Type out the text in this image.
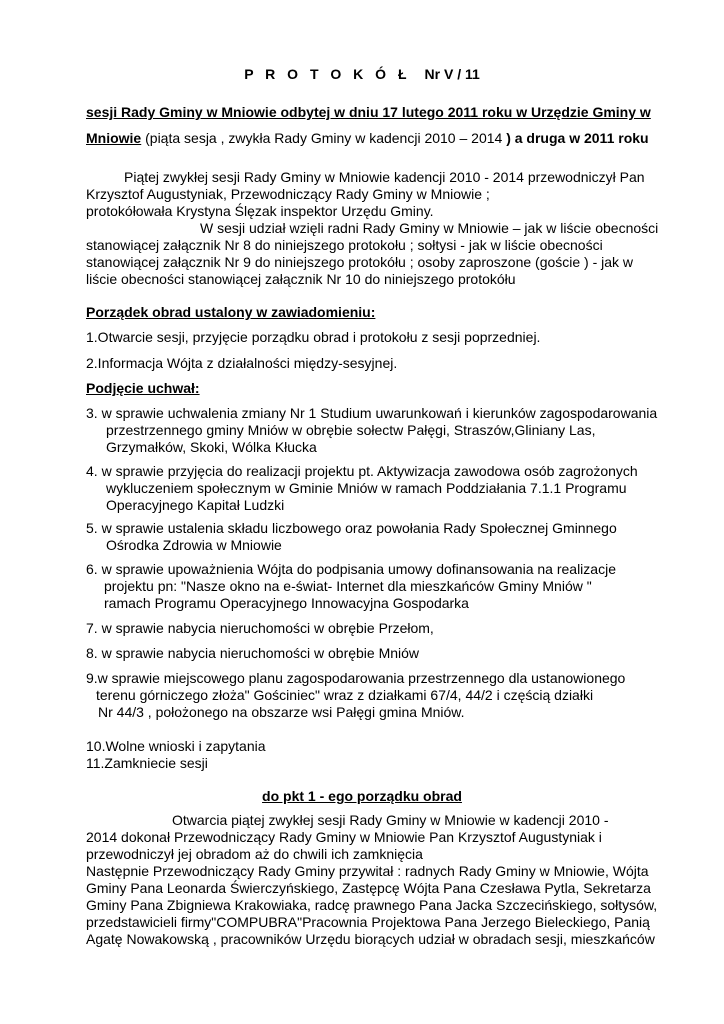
P R O T O K Ó Ł Nr V / 11
sesji Rady Gminy w Mniowie odbytej w dniu 17 lutego 2011 roku w Urzędzie Gminy w
Mniowie (piąta sesja , zwykła Rady Gminy w kadencji 2010 – 2014 ) a druga w 2011 roku
Piątej zwykłej sesji Rady Gminy w Mniowie kadencji 2010 - 2014 przewodniczył Pan
Krzysztof Augustyniak, Przewodniczący Rady Gminy w Mniowie ;
protokółowała Krystyna Ślęzak inspektor Urzędu Gminy.
W sesji udział wzięli radni Rady Gminy w Mniowie – jak w liście obecności
stanowiącej załącznik Nr 8 do niniejszego protokołu ; sołtysi - jak w liście obecności
stanowiącej załącznik Nr 9 do niniejszego protokółu ; osoby zaproszone (goście ) - jak w
liście obecności stanowiącej załącznik Nr 10 do niniejszego protokółu
Porządek obrad ustalony w zawiadomieniu:
1.Otwarcie sesji, przyjęcie porządku obrad i protokołu z sesji poprzedniej.
2.Informacja Wójta z działalności między-sesyjnej.
Podjęcie uchwał:
3. w sprawie uchwalenia zmiany Nr 1 Studium uwarunkowań i kierunków zagospodarowania
przestrzennego gminy Mniów w obrębie sołectw Pałęgi, Straszów,Gliniany Las,
Grzymałków, Skoki, Wólka Kłucka
4. w sprawie przyjęcia do realizacji projektu pt. Aktywizacja zawodowa osób zagrożonych
wykluczeniem społecznym w Gminie Mniów w ramach Poddziałania 7.1.1 Programu
Operacyjnego Kapitał Ludzki
5. w sprawie ustalenia składu liczbowego oraz powołania Rady Społecznej Gminnego
Ośrodka Zdrowia w Mniowie
6. w sprawie upoważnienia Wójta do podpisania umowy dofinansowania na realizacje
projektu pn: "Nasze okno na e-świat- Internet dla mieszkańców Gminy Mniów "
ramach Programu Operacyjnego Innowacyjna Gospodarka
7. w sprawie nabycia nieruchomości w obrębie Przełom,
8. w sprawie nabycia nieruchomości w obrębie Mniów
9.w sprawie miejscowego planu zagospodarowania przestrzennego dla ustanowionego
terenu górniczego złoża" Gościniec" wraz z działkami 67/4, 44/2 i częścią działki
Nr 44/3 , położonego na obszarze wsi Pałęgi gmina Mniów.
10.Wolne wnioski i zapytania
11.Zamkniecie sesji
do pkt 1 - ego porządku obrad
Otwarcia piątej zwykłej sesji Rady Gminy w Mniowie w kadencji 2010 -
2014 dokonał Przewodniczący Rady Gminy w Mniowie Pan Krzysztof Augustyniak i
przewodniczył jej obradom aż do chwili ich zamknięcia
Następnie Przewodniczący Rady Gminy przywitał : radnych Rady Gminy w Mniowie, Wójta
Gminy Pana Leonarda Świerczyńskiego, Zastępcę Wójta Pana Czesława Pytla, Sekretarza
Gminy Pana Zbigniewa Krakowiaka, radcę prawnego Pana Jacka Szczecińskiego, sołtysów,
przedstawicieli firmy"COMPUBRA"Pracownia Projektowa Pana Jerzego Bieleckiego, Panią
Agatę Nowakowską , pracowników Urzędu biorących udział w obradach sesji, mieszkańców
